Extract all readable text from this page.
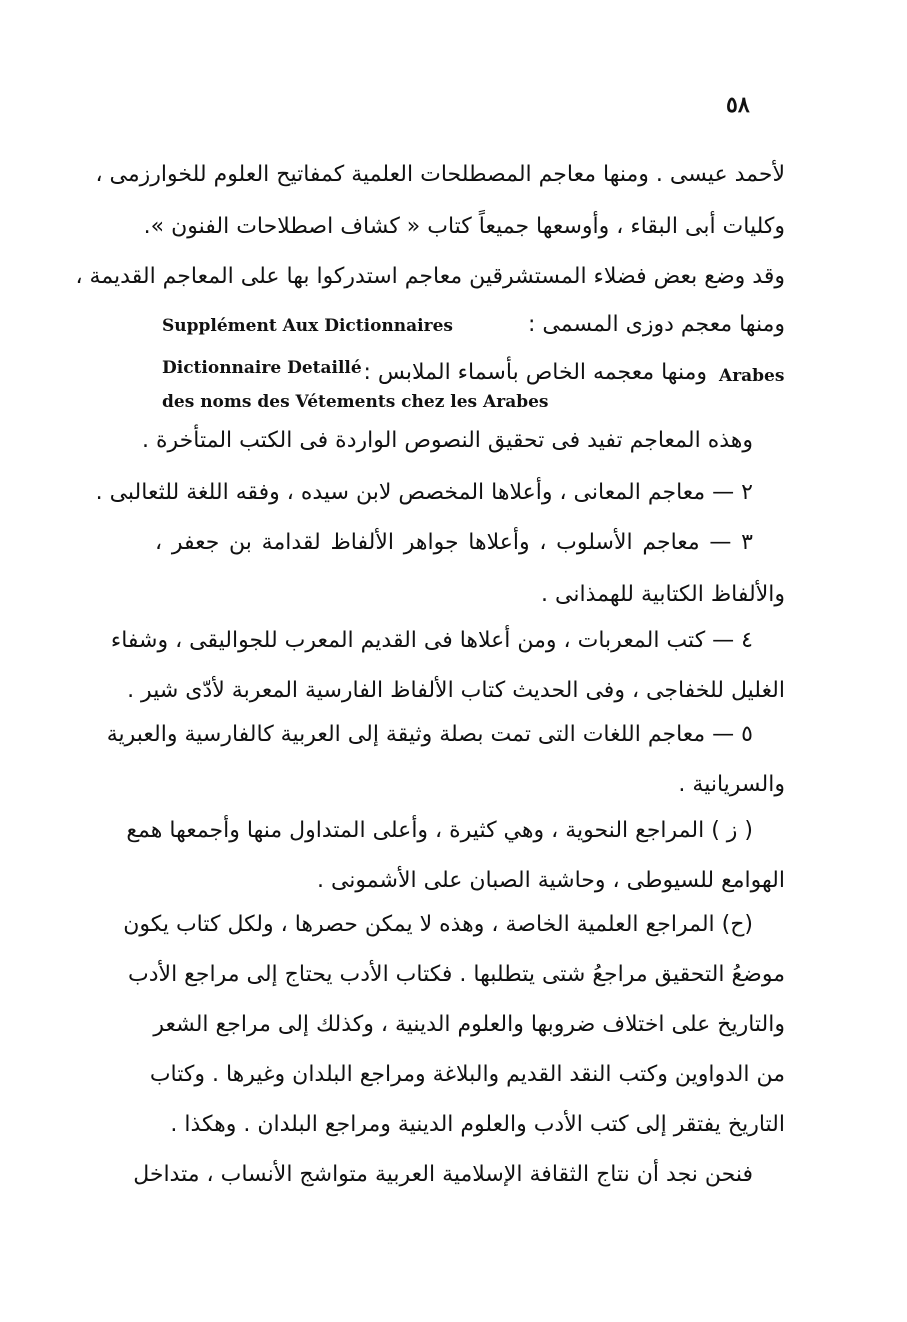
٥٨
لأحمد عيسى . ومنها معاجم المصطلحات العلمية كمفاتيح العلوم للخوارزمى ،
وكليات أبى البقاء ، وأوسعها جميعاً كتاب « كشاف اصطلاحات الفنون ».
وقد وضع بعض فضلاء المستشرقين معاجم استدركوا بها على المعاجم القديمة ،
ومنها معجم دوزى المسمى :
Supplément Aux Dictionnaires
Arabes
ومنها معجمه الخاص بأسماء الملابس :
Dictionnaire Detaillé
des noms des Vétements chez les Arabes
وهذه المعاجم تفيد فى تحقيق النصوص الواردة فى الكتب المتأخرة .
٢ — معاجم المعانى ، وأعلاها المخصص لابن سيده ، وفقه اللغة للثعالبى .
٣ — معاجم الأسلوب ، وأعلاها جواهر الألفاظ لقدامة بن جعفر ،
والألفاظ الكتابية للهمذانى .
٤ — كتب المعربات ، ومن أعلاها فى القديم المعرب للجواليقى ، وشفاء
الغليل للخفاجى ، وفى الحديث كتاب الألفاظ الفارسية المعربة لأدّى شير .
٥ — معاجم اللغات التى تمت بصلة وثيقة إلى العربية كالفارسية والعبرية
والسريانية .
( ز ) المراجع النحوية ، وهي كثيرة ، وأعلى المتداول منها وأجمعها همع
الهوامع للسيوطى ، وحاشية الصبان على الأشمونى .
(ح) المراجع العلمية الخاصة ، وهذه لا يمكن حصرها ، ولكل كتاب يكون
موضعُ التحقيق مراجعُ شتى يتطلبها . فكتاب الأدب يحتاج إلى مراجع الأدب
والتاريخ على اختلاف ضروبها والعلوم الدينية ، وكذلك إلى مراجع الشعر
من الدواوين وكتب النقد القديم والبلاغة ومراجع البلدان وغيرها . وكتاب
التاريخ يفتقر إلى كتب الأدب والعلوم الدينية ومراجع البلدان . وهكذا .
فنحن نجد أن نتاج الثقافة الإسلامية العربية متواشج الأنساب ، متداخل
